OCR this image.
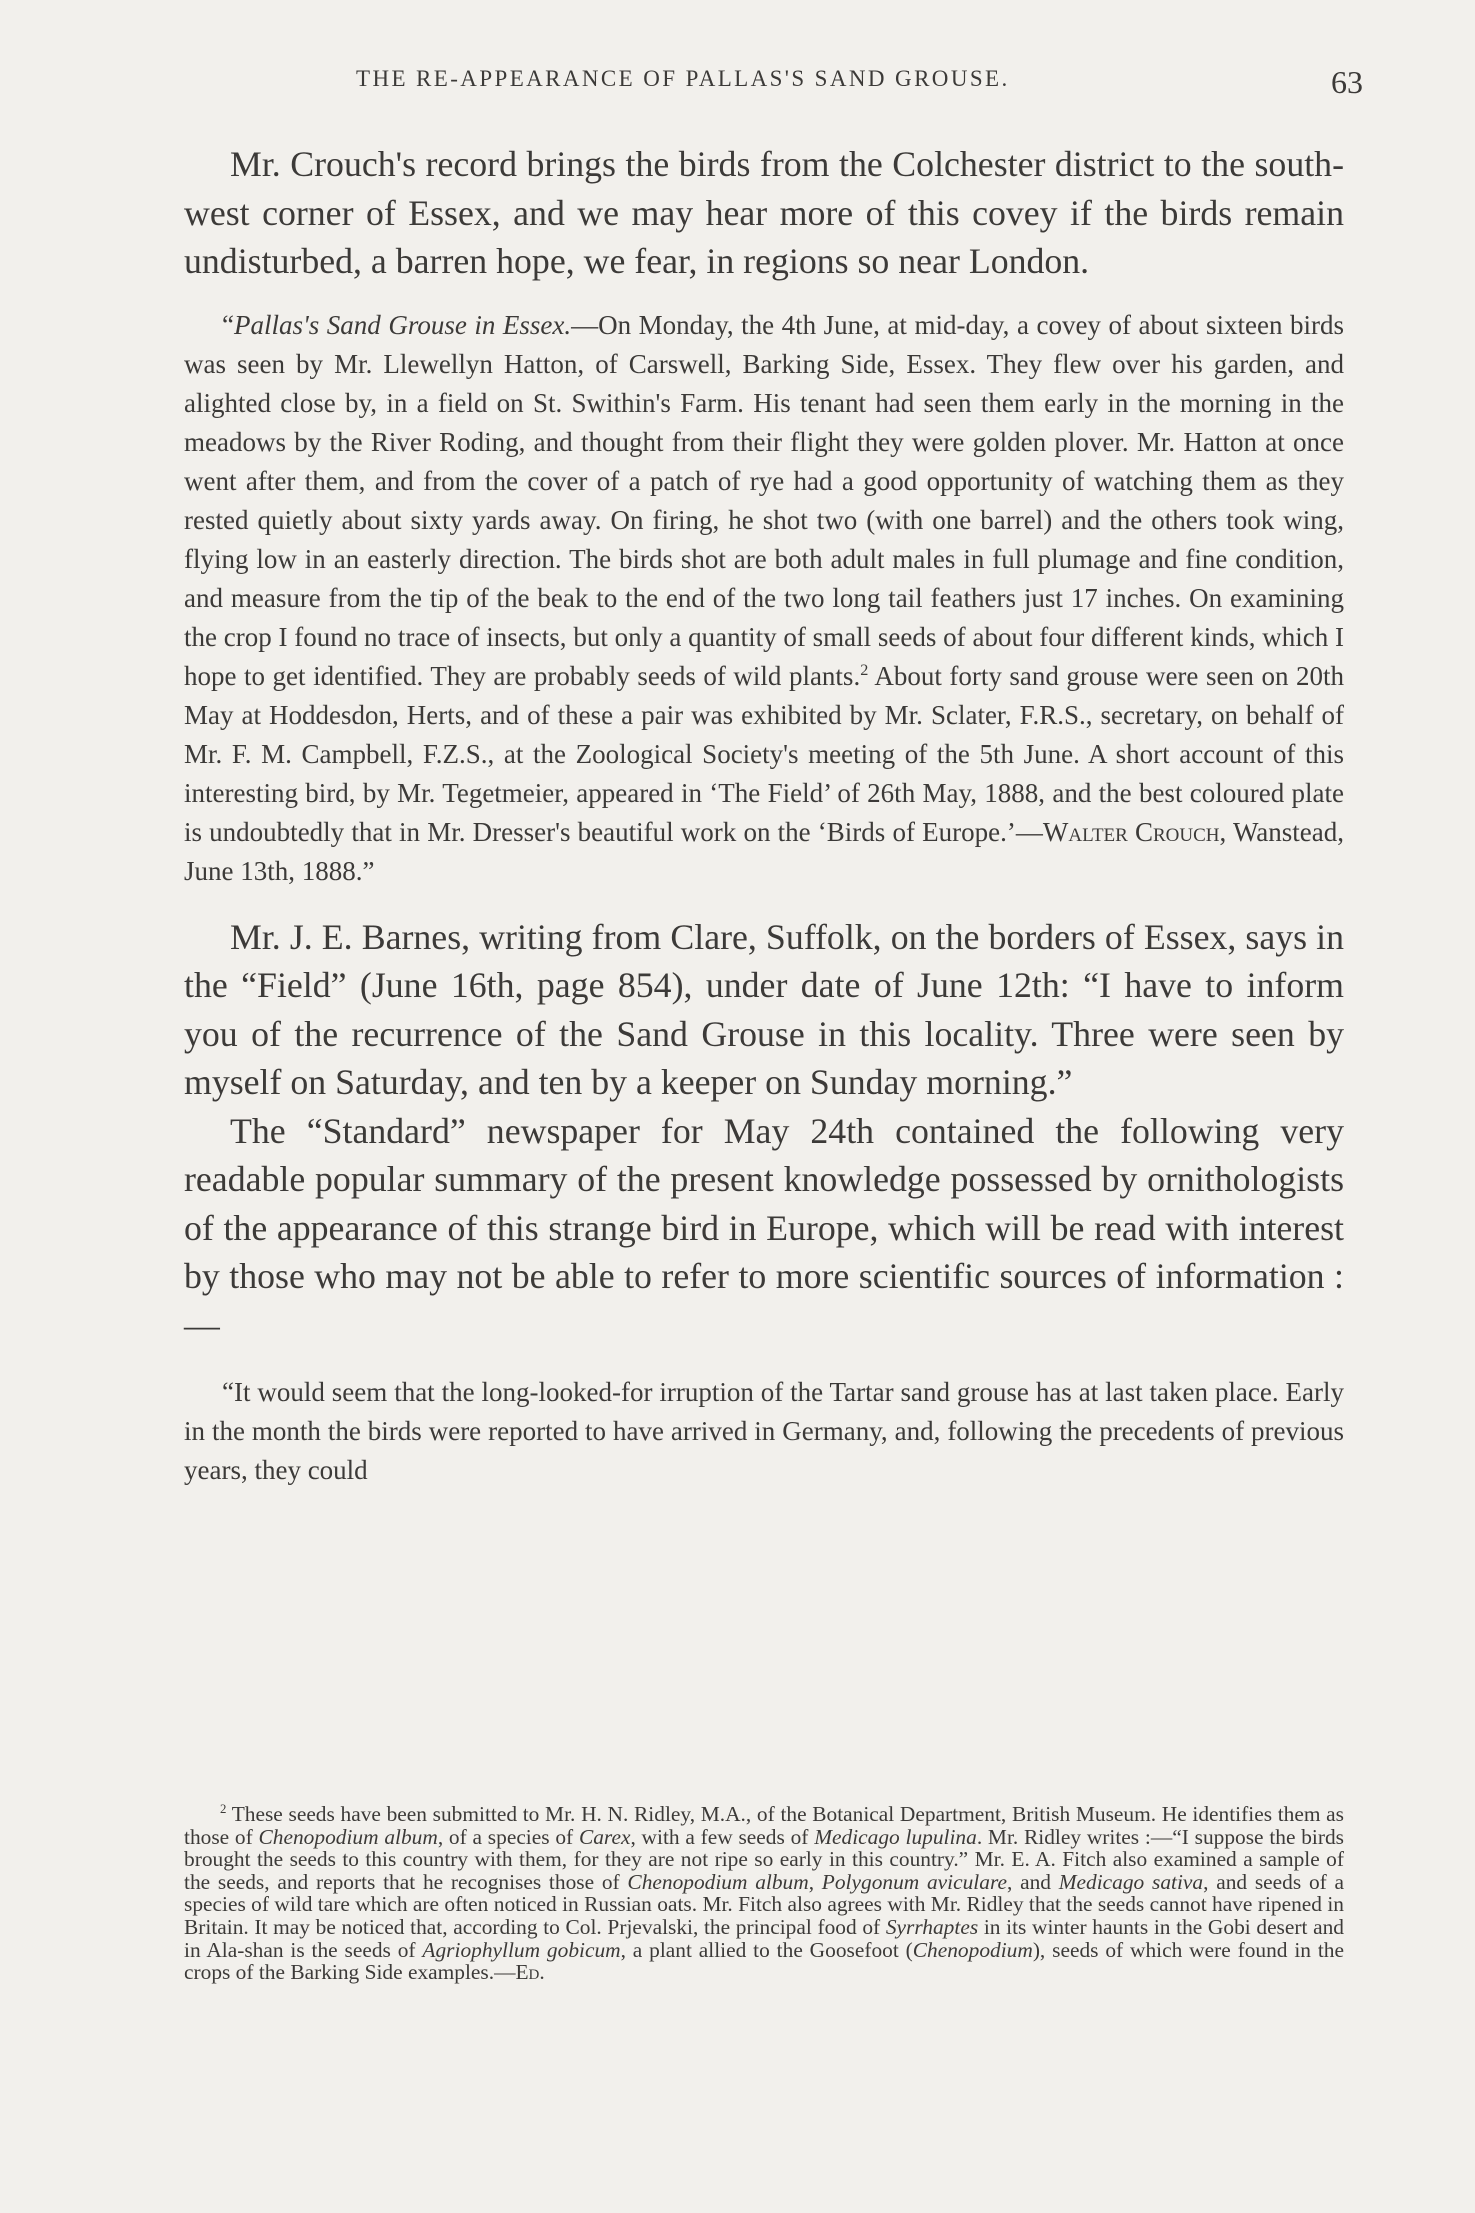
THE RE-APPEARANCE OF PALLAS'S SAND GROUSE.	63

Mr. Crouch's record brings the birds from the Colchester district to the south-west corner of Essex, and we may hear more of this covey if the birds remain undisturbed, a barren hope, we fear, in regions so near London.

“Pallas's Sand Grouse in Essex.—On Monday, the 4th June, at mid-day, a covey of about sixteen birds was seen by Mr. Llewellyn Hatton, of Carswell, Barking Side, Essex. They flew over his garden, and alighted close by, in a field on St. Swithin's Farm. His tenant had seen them early in the morning in the meadows by the River Roding, and thought from their flight they were golden plover. Mr. Hatton at once went after them, and from the cover of a patch of rye had a good opportunity of watching them as they rested quietly about sixty yards away. On firing, he shot two (with one barrel) and the others took wing, flying low in an easterly direction. The birds shot are both adult males in full plumage and fine condition, and measure from the tip of the beak to the end of the two long tail feathers just 17 inches. On examining the crop I found no trace of insects, but only a quantity of small seeds of about four different kinds, which I hope to get identified. They are probably seeds of wild plants.$^2$ About forty sand grouse were seen on 20th May at Hoddesdon, Herts, and of these a pair was exhibited by Mr. Sclater, F.R.S., secretary, on behalf of Mr. F. M. Campbell, F.Z.S., at the Zoological Society's meeting of the 5th June. A short account of this interesting bird, by Mr. Tegetmeier, appeared in ‘The Field’ of 26th May, 1888, and the best coloured plate is undoubtedly that in Mr. Dresser's beautiful work on the ‘Birds of Europe.’—Walter Crouch, Wanstead, June 13th, 1888.”

Mr. J. E. Barnes, writing from Clare, Suffolk, on the borders of Essex, says in the “Field” (June 16th, page 854), under date of June 12th: “I have to inform you of the recurrence of the Sand Grouse in this locality. Three were seen by myself on Saturday, and ten by a keeper on Sunday morning.”

The “Standard” newspaper for May 24th contained the following very readable popular summary of the present knowledge possessed by ornithologists of the appearance of this strange bird in Europe, which will be read with interest by those who may not be able to refer to more scientific sources of information :—

“It would seem that the long-looked-for irruption of the Tartar sand grouse has at last taken place. Early in the month the birds were reported to have arrived in Germany, and, following the precedents of previous years, they could

$^2$ These seeds have been submitted to Mr. H. N. Ridley, M.A., of the Botanical Department, British Museum. He identifies them as those of Chenopodium album, of a species of Carex, with a few seeds of Medicago lupulina. Mr. Ridley writes :—“I suppose the birds brought the seeds to this country with them, for they are not ripe so early in this country.” Mr. E. A. Fitch also examined a sample of the seeds, and reports that he recognises those of Chenopodium album, Polygonum aviculare, and Medicago sativa, and seeds of a species of wild tare which are often noticed in Russian oats. Mr. Fitch also agrees with Mr. Ridley that the seeds cannot have ripened in Britain. It may be noticed that, according to Col. Prjevalski, the principal food of Syrrhaptes in its winter haunts in the Gobi desert and in Ala-shan is the seeds of Agriophyllum gobicum, a plant allied to the Goosefoot (Chenopodium), seeds of which were found in the crops of the Barking Side examples.—Ed.
